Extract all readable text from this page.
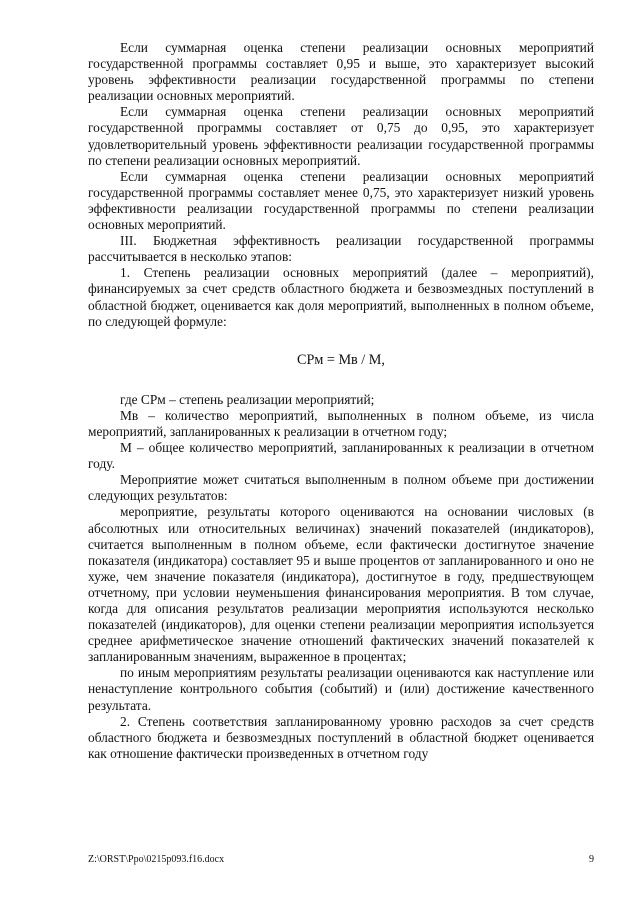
Если суммарная оценка степени реализации основных мероприятий государственной программы составляет 0,95 и выше, это характеризует высокий уровень эффективности реализации государственной программы по степени реализации основных мероприятий.

Если суммарная оценка степени реализации основных мероприятий государственной программы составляет от 0,75 до 0,95, это характеризует удовлетворительный уровень эффективности реализации государственной программы по степени реализации основных мероприятий.

Если суммарная оценка степени реализации основных мероприятий государственной программы составляет менее 0,75, это характеризует низкий уровень эффективности реализации государственной программы по степени реализации основных мероприятий.

III. Бюджетная эффективность реализации государственной программы рассчитывается в несколько этапов:

1. Степень реализации основных мероприятий (далее – мероприятий), финансируемых за счет средств областного бюджета и безвозмездных поступлений в областной бюджет, оценивается как доля мероприятий, выполненных в полном объеме, по следующей формуле:

СРм = Мв / М,

где СРм – степень реализации мероприятий;

Мв – количество мероприятий, выполненных в полном объеме, из числа мероприятий, запланированных к реализации в отчетном году;

М – общее количество мероприятий, запланированных к реализации в отчетном году.

Мероприятие может считаться выполненным в полном объеме при достижении следующих результатов:

мероприятие, результаты которого оцениваются на основании числовых (в абсолютных или относительных величинах) значений показателей (индикаторов), считается выполненным в полном объеме, если фактически достигнутое значение показателя (индикатора) составляет 95 и выше процентов от запланированного и оно не хуже, чем значение показателя (индикатора), достигнутое в году, предшествующем отчетному, при условии неуменьшения финансирования мероприятия. В том случае, когда для описания результатов реализации мероприятия используются несколько показателей (индикаторов), для оценки степени реализации мероприятия используется среднее арифметическое значение отношений фактических значений показателей к запланированным значениям, выраженное в процентах;

по иным мероприятиям результаты реализации оцениваются как наступление или ненаступление контрольного события (событий) и (или) достижение качественного результата.

2. Степень соответствия запланированному уровню расходов за счет средств областного бюджета и безвозмездных поступлений в областной бюджет оценивается как отношение фактически произведенных в отчетном году

Z:\ORST\Ppo\0215p093.f16.docx	9
